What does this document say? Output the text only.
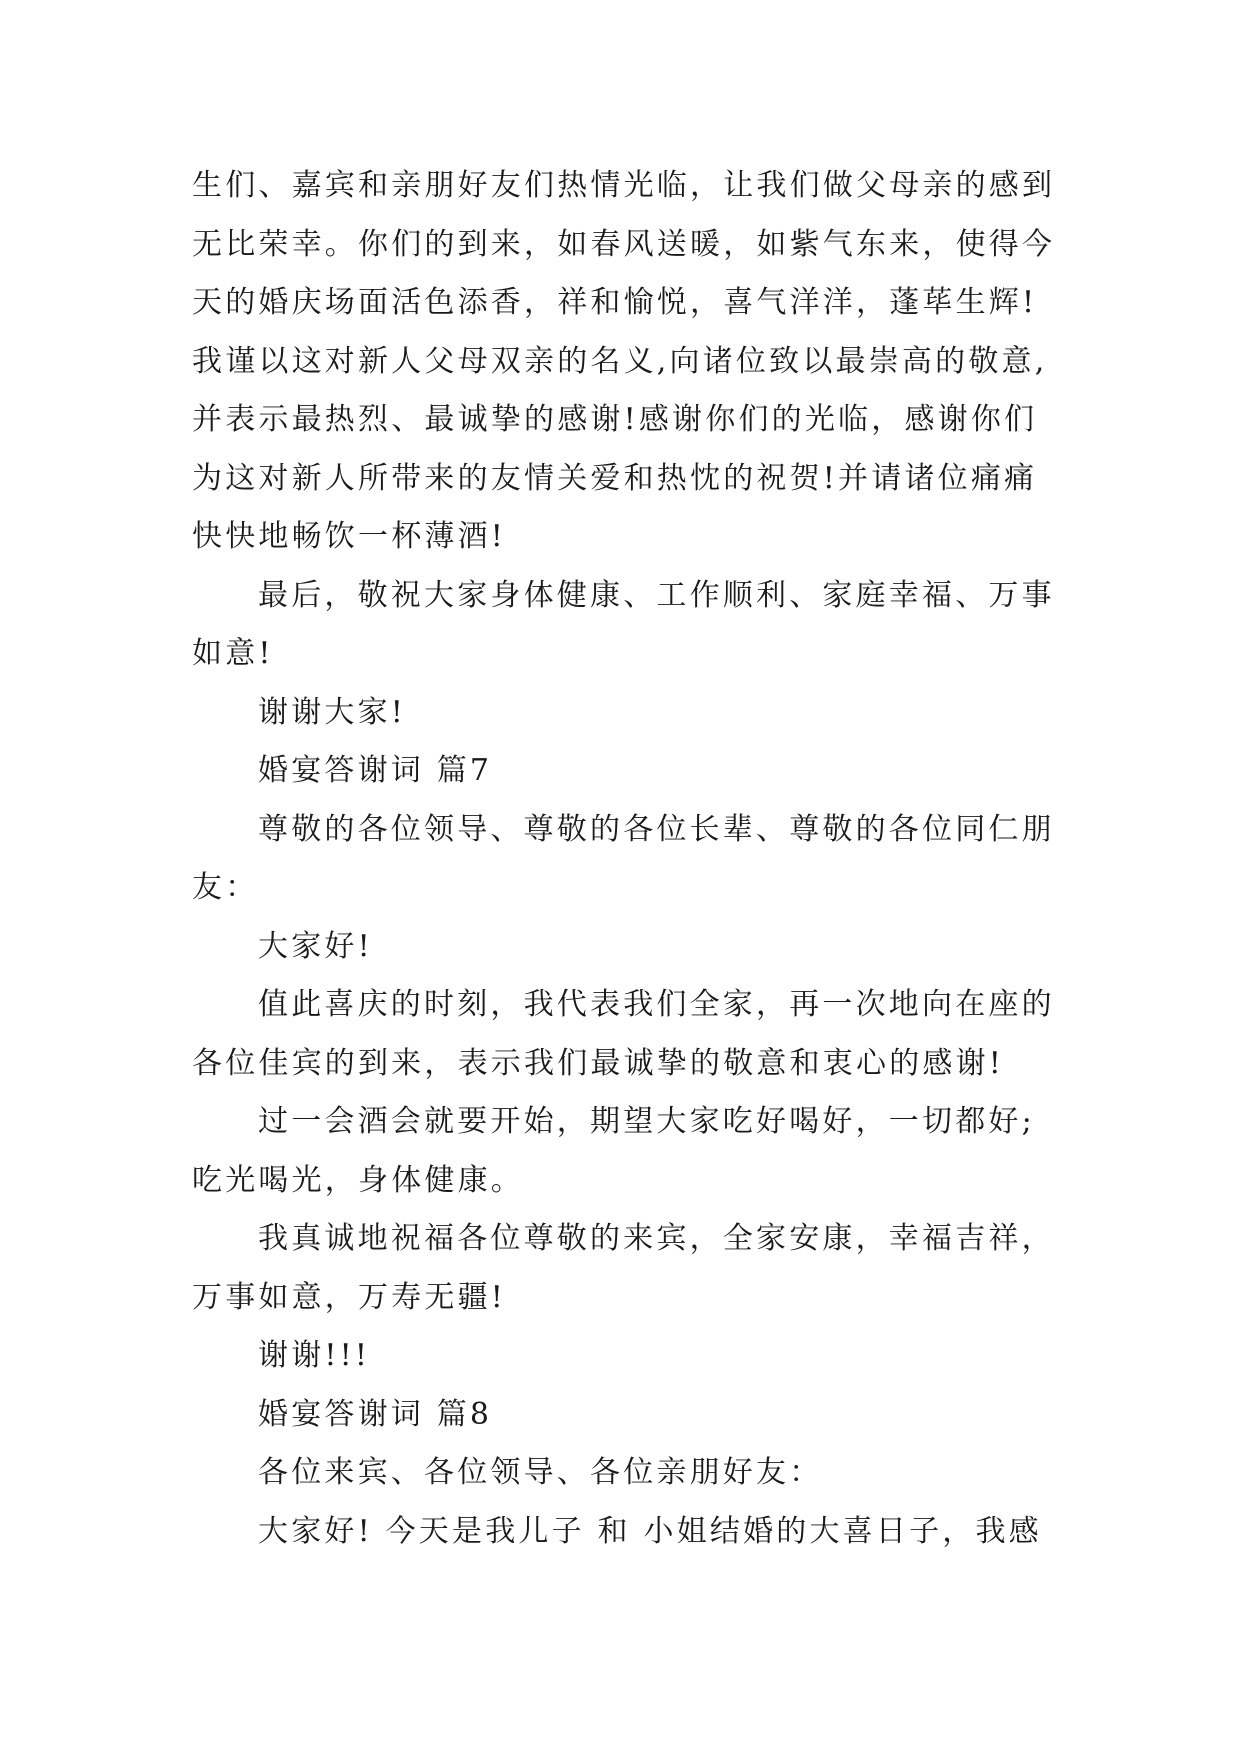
生们、嘉宾和亲朋好友们热情光临，让我们做父母亲的感到
无比荣幸。你们的到来，如春风送暖，如紫气东来，使得今
天的婚庆场面活色添香，祥和愉悦，喜气洋洋，蓬荜生辉!
我谨以这对新人父母双亲的名义,向诸位致以最崇高的敬意,
并表示最热烈、最诚挚的感谢!感谢你们的光临，感谢你们
为这对新人所带来的友情关爱和热忱的祝贺!并请诸位痛痛
快快地畅饮一杯薄酒!
最后，敬祝大家身体健康、工作顺利、家庭幸福、万事
如意!
谢谢大家!
婚宴答谢词 篇7
尊敬的各位领导、尊敬的各位长辈、尊敬的各位同仁朋
友：
大家好!
值此喜庆的时刻，我代表我们全家，再一次地向在座的
各位佳宾的到来，表示我们最诚挚的敬意和衷心的感谢!
过一会酒会就要开始，期望大家吃好喝好，一切都好;
吃光喝光，身体健康。
我真诚地祝福各位尊敬的来宾，全家安康，幸福吉祥，
万事如意，万寿无疆!
谢谢!!!
婚宴答谢词 篇8
各位来宾、各位领导、各位亲朋好友：
大家好! 今天是我儿子 和 小姐结婚的大喜日子，我感
